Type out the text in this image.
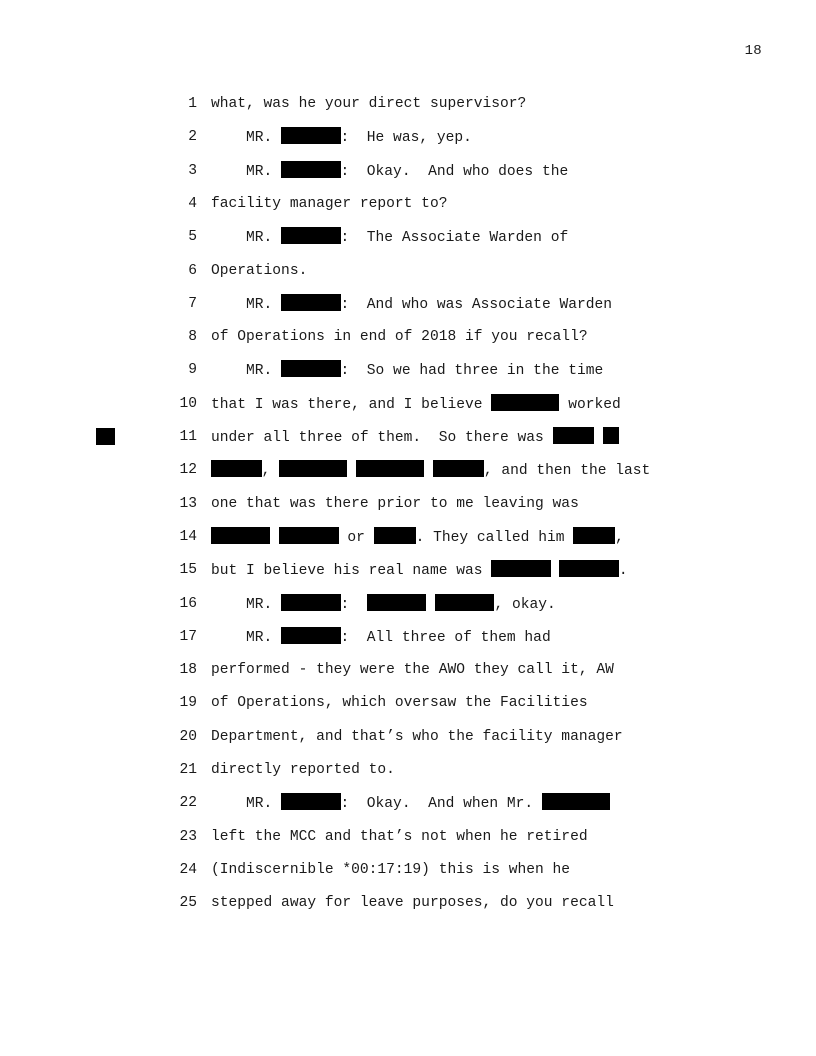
18
1 what, was he your direct supervisor?
2 MR.	:  He was, yep.
3 MR.	:  Okay.  And who does the
4 facility manager report to?
5 MR.	:  The Associate Warden of
6 Operations.
7 MR.	:  And who was Associate Warden
8 of Operations in end of 2018 if you recall?
9 MR.	:  So we had three in the time
10 that I was there, and I believe	worked
11 under all three of them.  So there was
12	,	, and then the last
13 one that was there prior to me leaving was
14	or	. They called him	,
15 but I believe his real name was	.
16 MR.	:	, okay.
17 MR.	:  All three of them had
18 performed - they were the AWO they call it, AW
19 of Operations, which oversaw the Facilities
20 Department, and that’s who the facility manager
21 directly reported to.
22 MR.	:  Okay.  And when Mr.
23 left the MCC and that’s not when he retired
24 (Indiscernible *00:17:19) this is when he
25 stepped away for leave purposes, do you recall
